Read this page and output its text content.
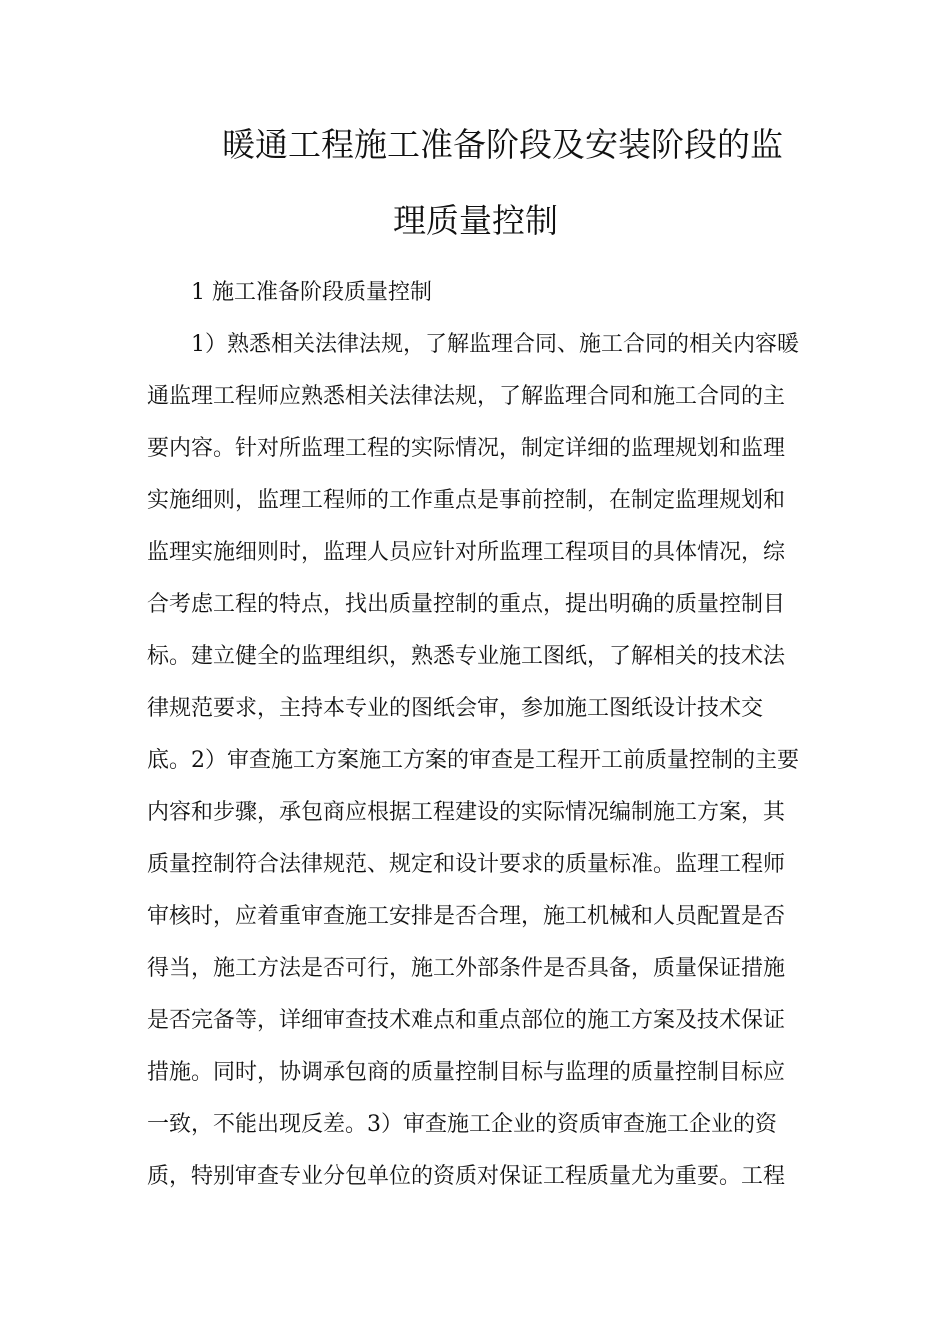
暖通工程施工准备阶段及安装阶段的监
理质量控制

1 施工准备阶段质量控制

1）熟悉相关法律法规，了解监理合同、施工合同的相关内容暖

通监理工程师应熟悉相关法律法规，了解监理合同和施工合同的主

要内容。针对所监理工程的实际情况，制定详细的监理规划和监理

实施细则，监理工程师的工作重点是事前控制，在制定监理规划和

监理实施细则时，监理人员应针对所监理工程项目的具体情况，综

合考虑工程的特点，找出质量控制的重点，提出明确的质量控制目

标。建立健全的监理组织，熟悉专业施工图纸，了解相关的技术法

律规范要求，主持本专业的图纸会审，参加施工图纸设计技术交

底。2）审查施工方案施工方案的审查是工程开工前质量控制的主要

内容和步骤，承包商应根据工程建设的实际情况编制施工方案，其

质量控制符合法律规范、规定和设计要求的质量标准。监理工程师

审核时，应着重审查施工安排是否合理，施工机械和人员配置是否

得当，施工方法是否可行，施工外部条件是否具备，质量保证措施

是否完备等，详细审查技术难点和重点部位的施工方案及技术保证

措施。同时，协调承包商的质量控制目标与监理的质量控制目标应

一致，不能出现反差。3）审查施工企业的资质审查施工企业的资

质，特别审查专业分包单位的资质对保证工程质量尤为重要。工程
